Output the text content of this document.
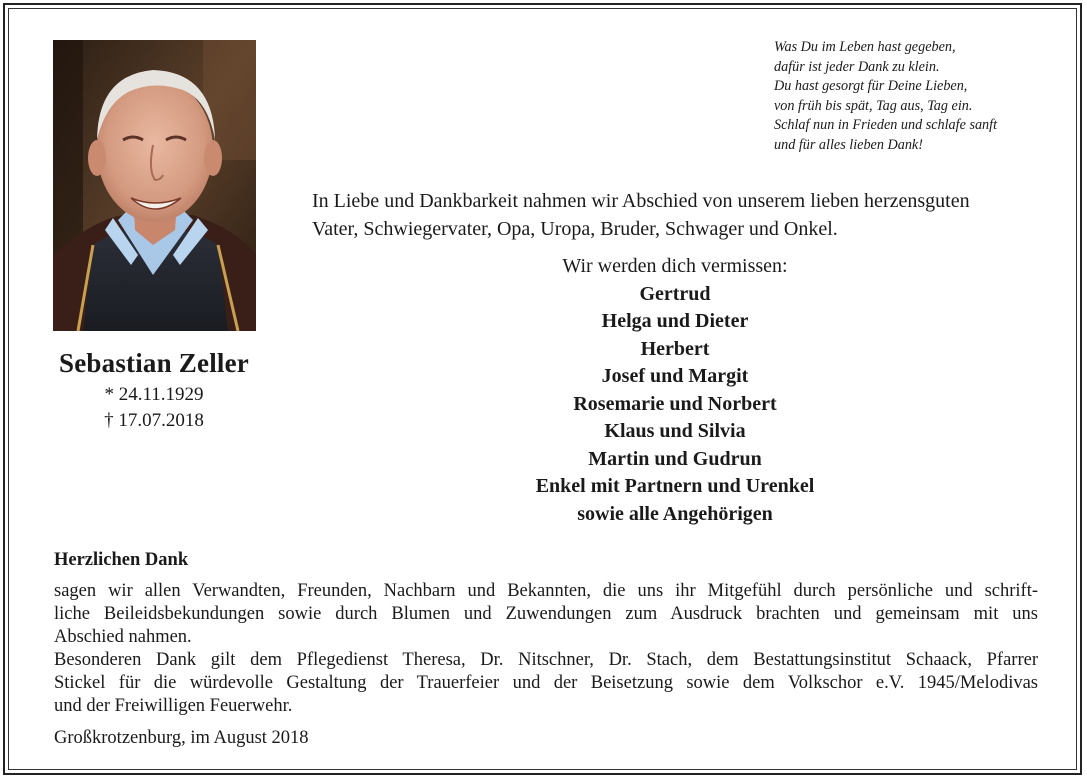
Sebastian Zeller
* 24.11.1929
† 17.07.2018
Was Du im Leben hast gegeben,
dafür ist jeder Dank zu klein.
Du hast gesorgt für Deine Lieben,
von früh bis spät, Tag aus, Tag ein.
Schlaf nun in Frieden und schlafe sanft
und für alles lieben Dank!
In Liebe und Dankbarkeit nahmen wir Abschied von unserem lieben herzensguten
Vater, Schwiegervater, Opa, Uropa, Bruder, Schwager und Onkel.
Wir werden dich vermissen:
Gertrud
Helga und Dieter
Herbert
Josef und Margit
Rosemarie und Norbert
Klaus und Silvia
Martin und Gudrun
Enkel mit Partnern und Urenkel
sowie alle Angehörigen
Herzlichen Dank
sagen wir allen Verwandten, Freunden, Nachbarn und Bekannten, die uns ihr Mitgefühl durch persönliche und schrift-
liche Beileidsbekundungen sowie durch Blumen und Zuwendungen zum Ausdruck brachten und gemeinsam mit uns
Abschied nahmen.
Besonderen Dank gilt dem Pflegedienst Theresa, Dr. Nitschner, Dr. Stach, dem Bestattungsinstitut Schaack, Pfarrer
Stickel für die würdevolle Gestaltung der Trauerfeier und der Beisetzung sowie dem Volkschor e.V. 1945/Melodivas
und der Freiwilligen Feuerwehr.
Großkrotzenburg, im August 2018
